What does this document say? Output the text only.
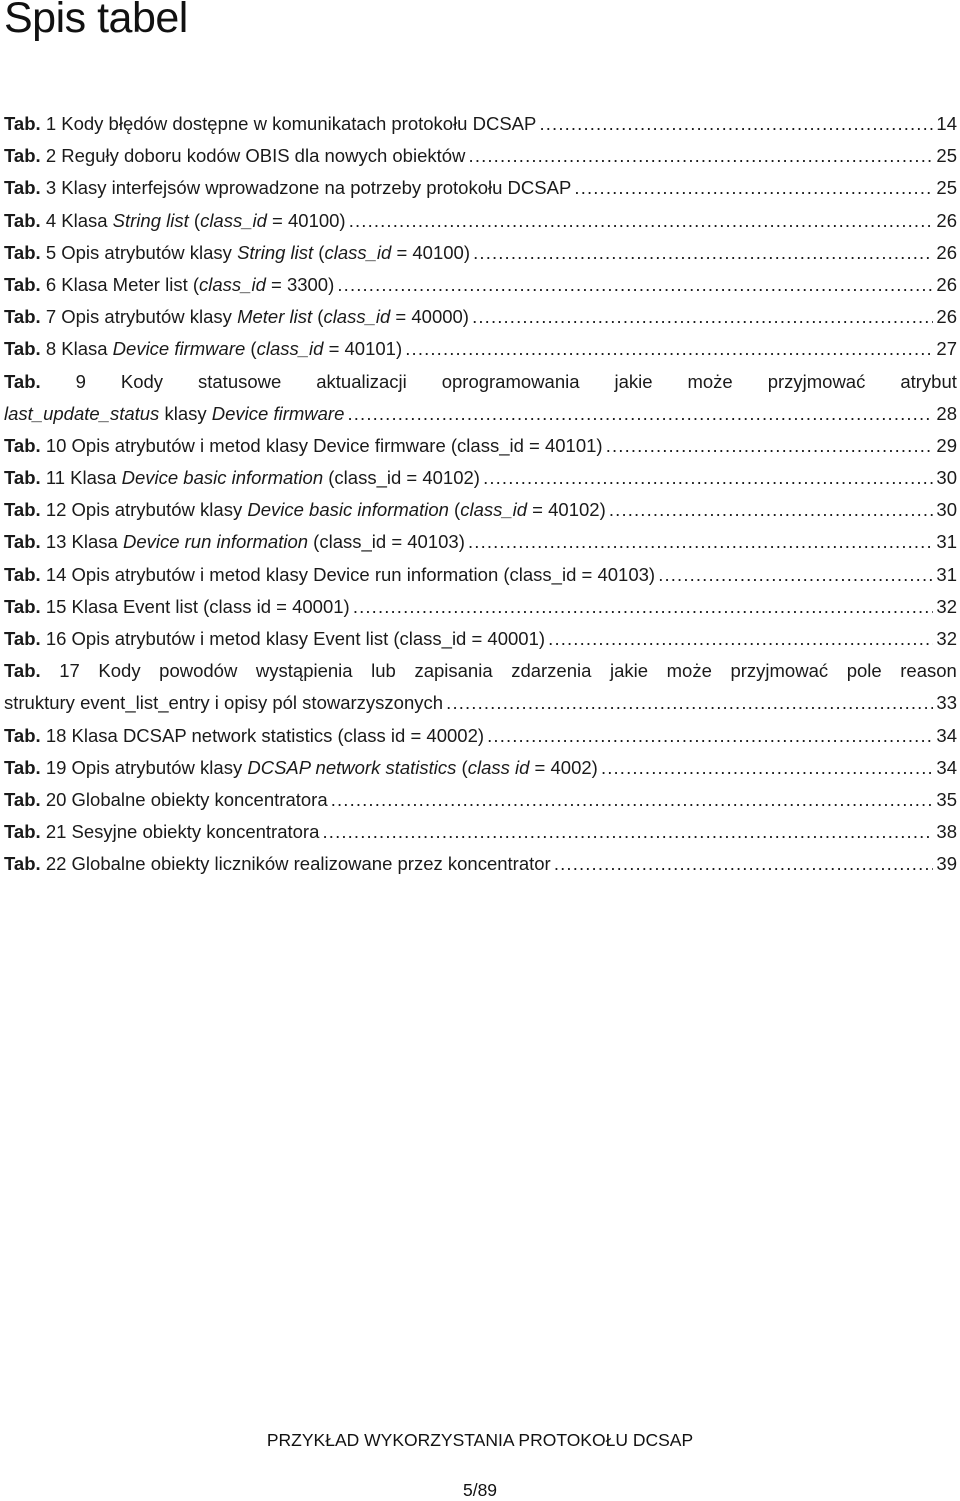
Spis tabel
Tab. 1 Kody błędów dostępne w komunikatach protokołu DCSAP . . .	14
Tab. 2 Reguły doboru kodów OBIS dla nowych obiektów . . .	25
Tab. 3 Klasy interfejsów wprowadzone na potrzeby protokołu DCSAP . . .	25
Tab. 4 Klasa String list (class_id = 40100) . . .	26
Tab. 5 Opis atrybutów klasy String list (class_id = 40100) . . .	26
Tab. 6 Klasa Meter list (class_id = 3300) . . .	26
Tab. 7 Opis atrybutów klasy Meter list (class_id = 40000) . . .	26
Tab. 8 Klasa Device firmware (class_id = 40101) . . .	27
Tab. 9 Kody statusowe aktualizacji oprogramowania jakie może przyjmować atrybut
last_update_status klasy Device firmware . . .	28
Tab. 10 Opis atrybutów i metod klasy Device firmware (class_id = 40101) . . .	29
Tab. 11 Klasa Device basic information (class_id = 40102) . . .	30
Tab. 12 Opis atrybutów klasy Device basic information (class_id = 40102) . . .	30
Tab. 13 Klasa Device run information (class_id = 40103) . . .	31
Tab. 14 Opis atrybutów i metod klasy Device run information (class_id = 40103) . . .	31
Tab. 15 Klasa Event list (class id = 40001) . . .	32
Tab. 16 Opis atrybutów i metod klasy Event list (class_id = 40001) . . .	32
Tab. 17 Kody powodów wystąpienia lub zapisania zdarzenia jakie może przyjmować pole reason
struktury event_list_entry i opisy pól stowarzyszonych . . .	33
Tab. 18 Klasa DCSAP network statistics (class id = 40002) . . .	34
Tab. 19 Opis atrybutów klasy DCSAP network statistics (class id = 4002) . . .	34
Tab. 20 Globalne obiekty koncentratora . . .	35
Tab. 21 Sesyjne obiekty koncentratora . . .	38
Tab. 22 Globalne obiekty liczników realizowane przez koncentrator . . .	39
PRZYKŁAD WYKORZYSTANIA PROTOKOŁU DCSAP
5/89
